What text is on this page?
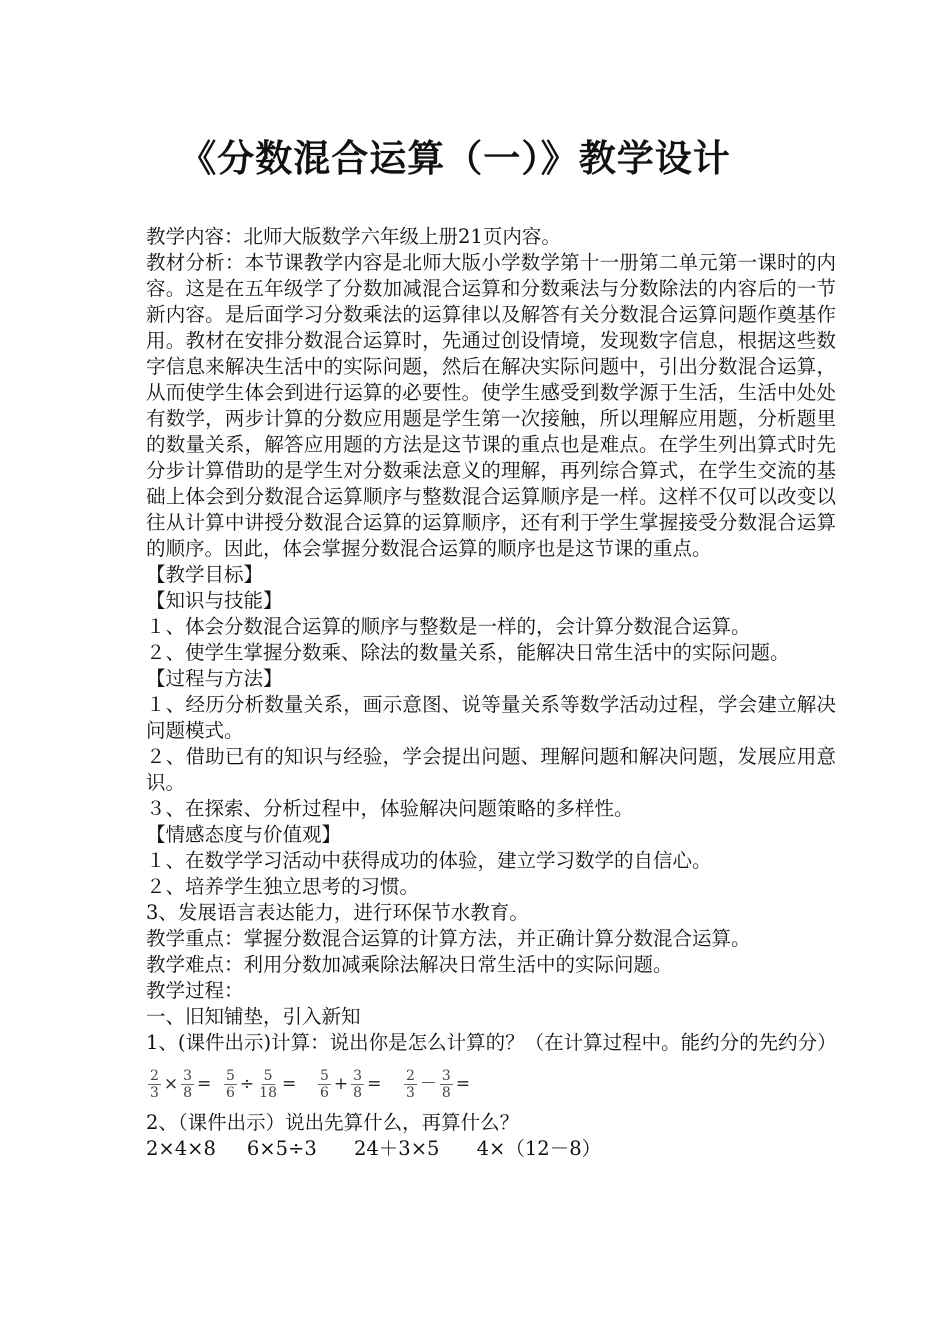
《分数混合运算（一）》教学设计

教学内容：北师大版数学六年级上册21页内容。

教材分析：本节课教学内容是北师大版小学数学第十一册第二单元第一课时的内容。这是在五年级学了分数加减混合运算和分数乘法与分数除法的内容后的一节新内容。是后面学习分数乘法的运算律以及解答有关分数混合运算问题作奠基作用。教材在安排分数混合运算时，先通过创设情境，发现数字信息，根据这些数字信息来解决生活中的实际问题，然后在解决实际问题中，引出分数混合运算，从而使学生体会到进行运算的必要性。使学生感受到数学源于生活，生活中处处有数学，两步计算的分数应用题是学生第一次接触，所以理解应用题，分析题里的数量关系，解答应用题的方法是这节课的重点也是难点。在学生列出算式时先分步计算借助的是学生对分数乘法意义的理解，再列综合算式，在学生交流的基础上体会到分数混合运算顺序与整数混合运算顺序是一样。这样不仅可以改变以往从计算中讲授分数混合运算的运算顺序，还有利于学生掌握接受分数混合运算的顺序。因此，体会掌握分数混合运算的顺序也是这节课的重点。

【教学目标】

【知识与技能】

１、体会分数混合运算的顺序与整数是一样的，会计算分数混合运算。

２、使学生掌握分数乘、除法的数量关系，能解决日常生活中的实际问题。

【过程与方法】

１、经历分析数量关系，画示意图、说等量关系等数学活动过程，学会建立解决问题模式。

２、借助已有的知识与经验，学会提出问题、理解问题和解决问题，发展应用意识。

３、在探索、分析过程中，体验解决问题策略的多样性。

【情感态度与价值观】

１、在数学学习活动中获得成功的体验，建立学习数学的自信心。

２、培养学生独立思考的习惯。

3、发展语言表达能力，进行环保节水教育。

教学重点：掌握分数混合运算的计算方法，并正确计算分数混合运算。

教学难点：利用分数加减乘除法解决日常生活中的实际问题。

教学过程：

一、旧知铺垫，引入新知

1、(课件出示)计算：说出你是怎么计算的？（在计算过程中。能约分的先约分）

$\frac{2}{3} \times \frac{3}{8} = \frac{5}{6} \div \frac{5}{18} = \frac{5}{6} + \frac{3}{8} = \frac{2}{3} - \frac{3}{8}$ =

2、（课件出示）说出先算什么，再算什么？

2×4×8     6×5÷3      24＋3×5      4×（12－8）
